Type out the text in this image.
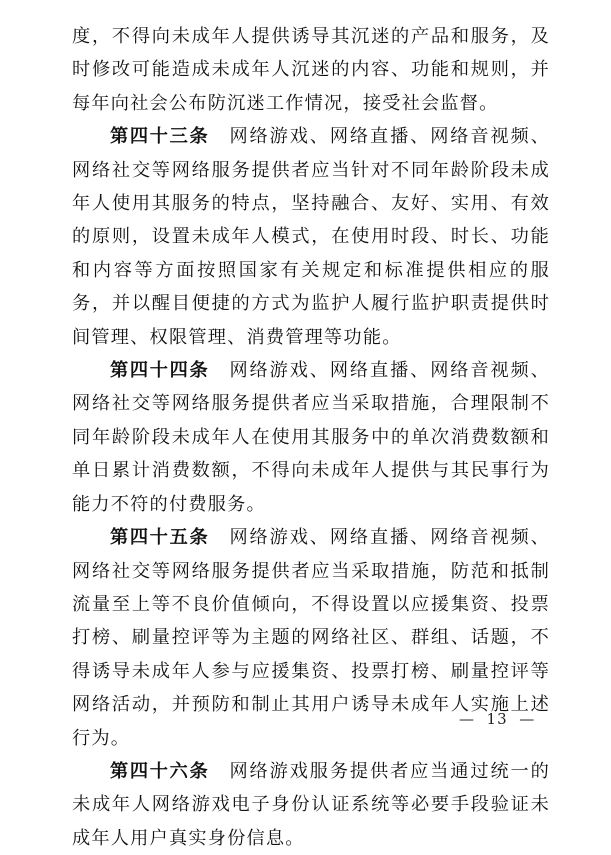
度，不得向未成年人提供诱导其沉迷的产品和服务，及时修改可能造成未成年人沉迷的内容、功能和规则，并每年向社会公布防沉迷工作情况，接受社会监督。

第四十三条　 网络游戏、网络直播、网络音视频、网络社交等网络服务提供者应当针对不同年龄阶段未成年人使用其服务的特点，坚持融合、友好、实用、有效的原则，设置未成年人模式，在使用时段、时长、功能和内容等方面按照国家有关规定和标准提供相应的服务，并以醒目便捷的方式为监护人履行监护职责提供时间管理、权限管理、消费管理等功能。

第四十四条　 网络游戏、网络直播、网络音视频、网络社交等网络服务提供者应当采取措施，合理限制不同年龄阶段未成年人在使用其服务中的单次消费数额和单日累计消费数额，不得向未成年人提供与其民事行为能力不符的付费服务。

第四十五条　 网络游戏、网络直播、网络音视频、网络社交等网络服务提供者应当采取措施，防范和抵制流量至上等不良价值倾向，不得设置以应援集资、投票打榜、刷量控评等为主题的网络社区、群组、话题，不得诱导未成年人参与应援集资、投票打榜、刷量控评等网络活动，并预防和制止其用户诱导未成年人实施上述行为。

第四十六条　 网络游戏服务提供者应当通过统一的未成年人网络游戏电子身份认证系统等必要手段验证未成年人用户真实身份信息。

— 13 —
